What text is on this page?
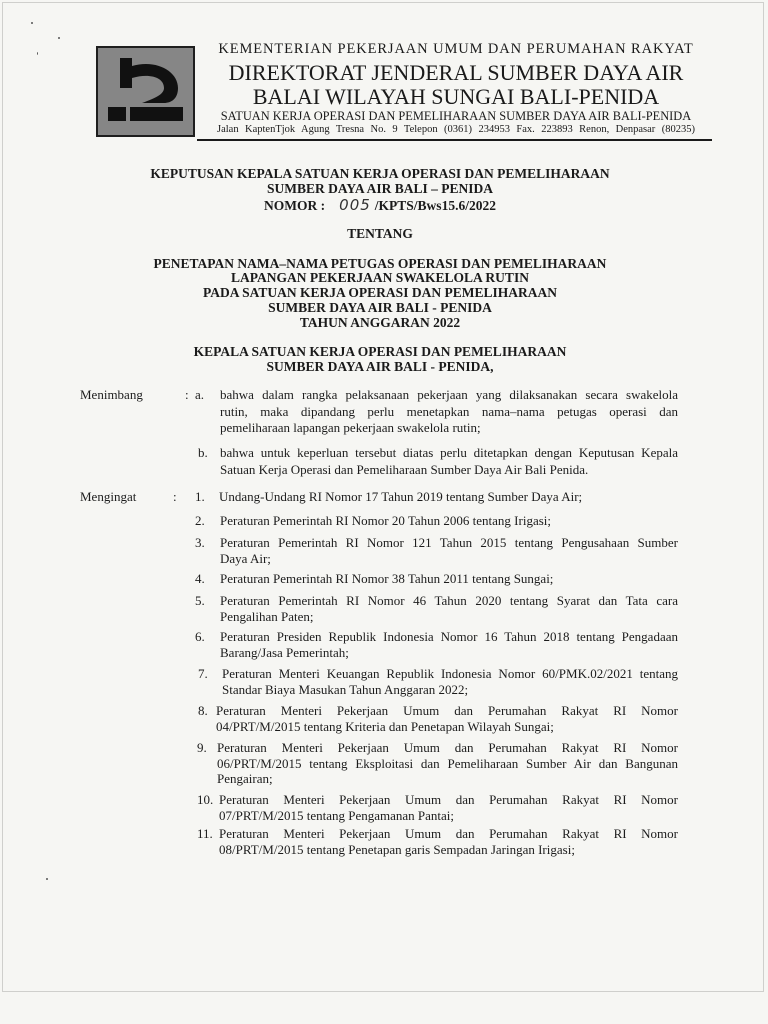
KEMENTERIAN PEKERJAAN UMUM DAN PERUMAHAN RAKYAT
DIREKTORAT JENDERAL SUMBER DAYA AIR
BALAI WILAYAH SUNGAI BALI-PENIDA
SATUAN KERJA OPERASI DAN PEMELIHARAAN SUMBER DAYA AIR BALI-PENIDA
Jalan KaptenTjok Agung Tresna No. 9 Telepon (0361) 234953 Fax. 223893 Renon, Denpasar (80235)
KEPUTUSAN KEPALA SATUAN KERJA OPERASI DAN PEMELIHARAAN
SUMBER DAYA AIR BALI – PENIDA
NOMOR : 005 /KPTS/Bws15.6/2022
TENTANG
PENETAPAN NAMA–NAMA PETUGAS OPERASI DAN PEMELIHARAAN
LAPANGAN PEKERJAAN SWAKELOLA RUTIN
PADA SATUAN KERJA OPERASI DAN PEMELIHARAAN
SUMBER DAYA AIR BALI - PENIDA
TAHUN ANGGARAN 2022
KEPALA SATUAN KERJA OPERASI DAN PEMELIHARAAN
SUMBER DAYA AIR BALI - PENIDA,
Menimbang	: a. bahwa dalam rangka pelaksanaan pekerjaan yang dilaksanakan secara swakelola
rutin, maka dipandang perlu menetapkan nama–nama petugas operasi dan
pemeliharaan lapangan pekerjaan swakelola rutin;
b. bahwa untuk keperluan tersebut diatas perlu ditetapkan dengan Keputusan Kepala
Satuan Kerja Operasi dan Pemeliharaan Sumber Daya Air Bali Penida.
Mengingat	: 1. Undang-Undang RI Nomor 17 Tahun 2019 tentang Sumber Daya Air;
2. Peraturan Pemerintah RI Nomor 20 Tahun 2006 tentang Irigasi;
3. Peraturan Pemerintah RI Nomor 121 Tahun 2015 tentang Pengusahaan Sumber
Daya Air;
4. Peraturan Pemerintah RI Nomor 38 Tahun 2011 tentang Sungai;
5. Peraturan Pemerintah RI Nomor 46 Tahun 2020 tentang Syarat dan Tata cara
Pengalihan Paten;
6. Peraturan Presiden Republik Indonesia Nomor 16 Tahun 2018 tentang Pengadaan
Barang/Jasa Pemerintah;
7. Peraturan Menteri Keuangan Republik Indonesia Nomor 60/PMK.02/2021 tentang
Standar Biaya Masukan Tahun Anggaran 2022;
8. Peraturan Menteri Pekerjaan Umum dan Perumahan Rakyat RI Nomor
04/PRT/M/2015 tentang Kriteria dan Penetapan Wilayah Sungai;
9. Peraturan Menteri Pekerjaan Umum dan Perumahan Rakyat RI Nomor
06/PRT/M/2015 tentang Eksploitasi dan Pemeliharaan Sumber Air dan Bangunan
Pengairan;
10. Peraturan Menteri Pekerjaan Umum dan Perumahan Rakyat RI Nomor
07/PRT/M/2015 tentang Pengamanan Pantai;
11. Peraturan Menteri Pekerjaan Umum dan Perumahan Rakyat RI Nomor
08/PRT/M/2015 tentang Penetapan garis Sempadan Jaringan Irigasi;
